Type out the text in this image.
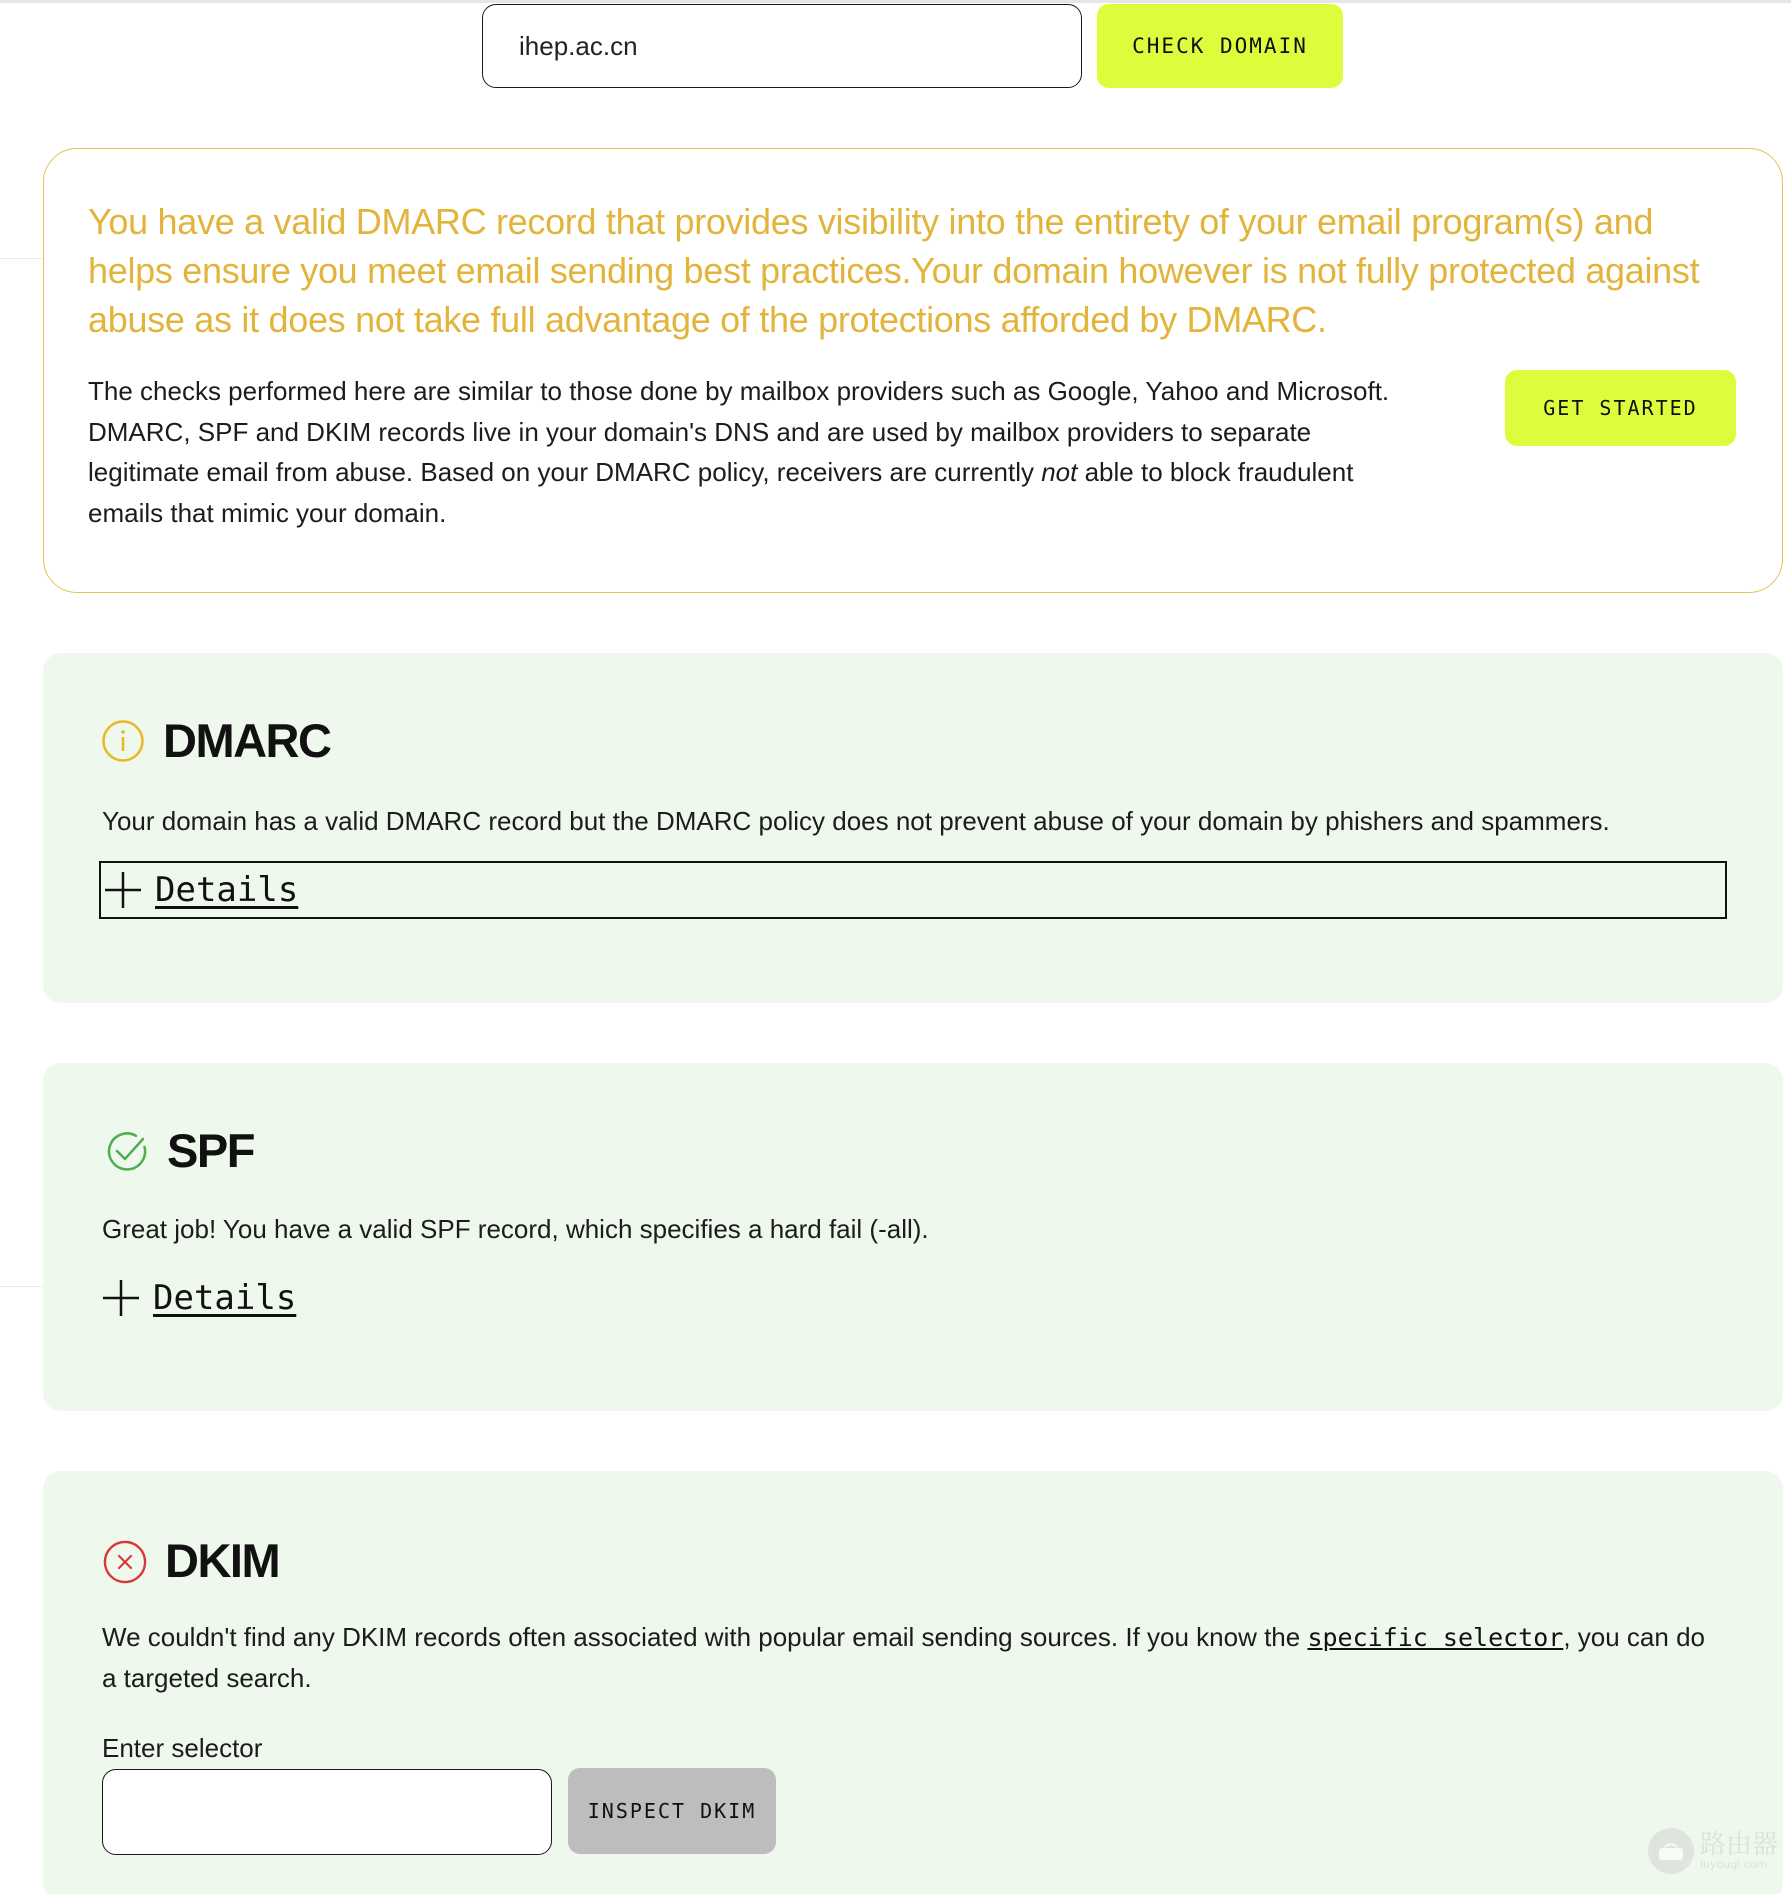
ihep.ac.cn
CHECK DOMAIN
You have a valid DMARC record that provides visibility into the entirety of your email program(s) and helps ensure you meet email sending best practices.Your domain however is not fully protected against abuse as it does not take full advantage of the protections afforded by DMARC.

The checks performed here are similar to those done by mailbox providers such as Google, Yahoo and Microsoft. DMARC, SPF and DKIM records live in your domain's DNS and are used by mailbox providers to separate legitimate email from abuse. Based on your DMARC policy, receivers are currently not able to block fraudulent emails that mimic your domain.

GET STARTED
DMARC

Your domain has a valid DMARC record but the DMARC policy does not prevent abuse of your domain by phishers and spammers.

Details
SPF

Great job! You have a valid SPF record, which specifies a hard fail (-all).

Details
DKIM

We couldn't find any DKIM records often associated with popular email sending sources. If you know the specific selector, you can do a targeted search.

Enter selector
INSPECT DKIM
路由器
luyouqi.com
